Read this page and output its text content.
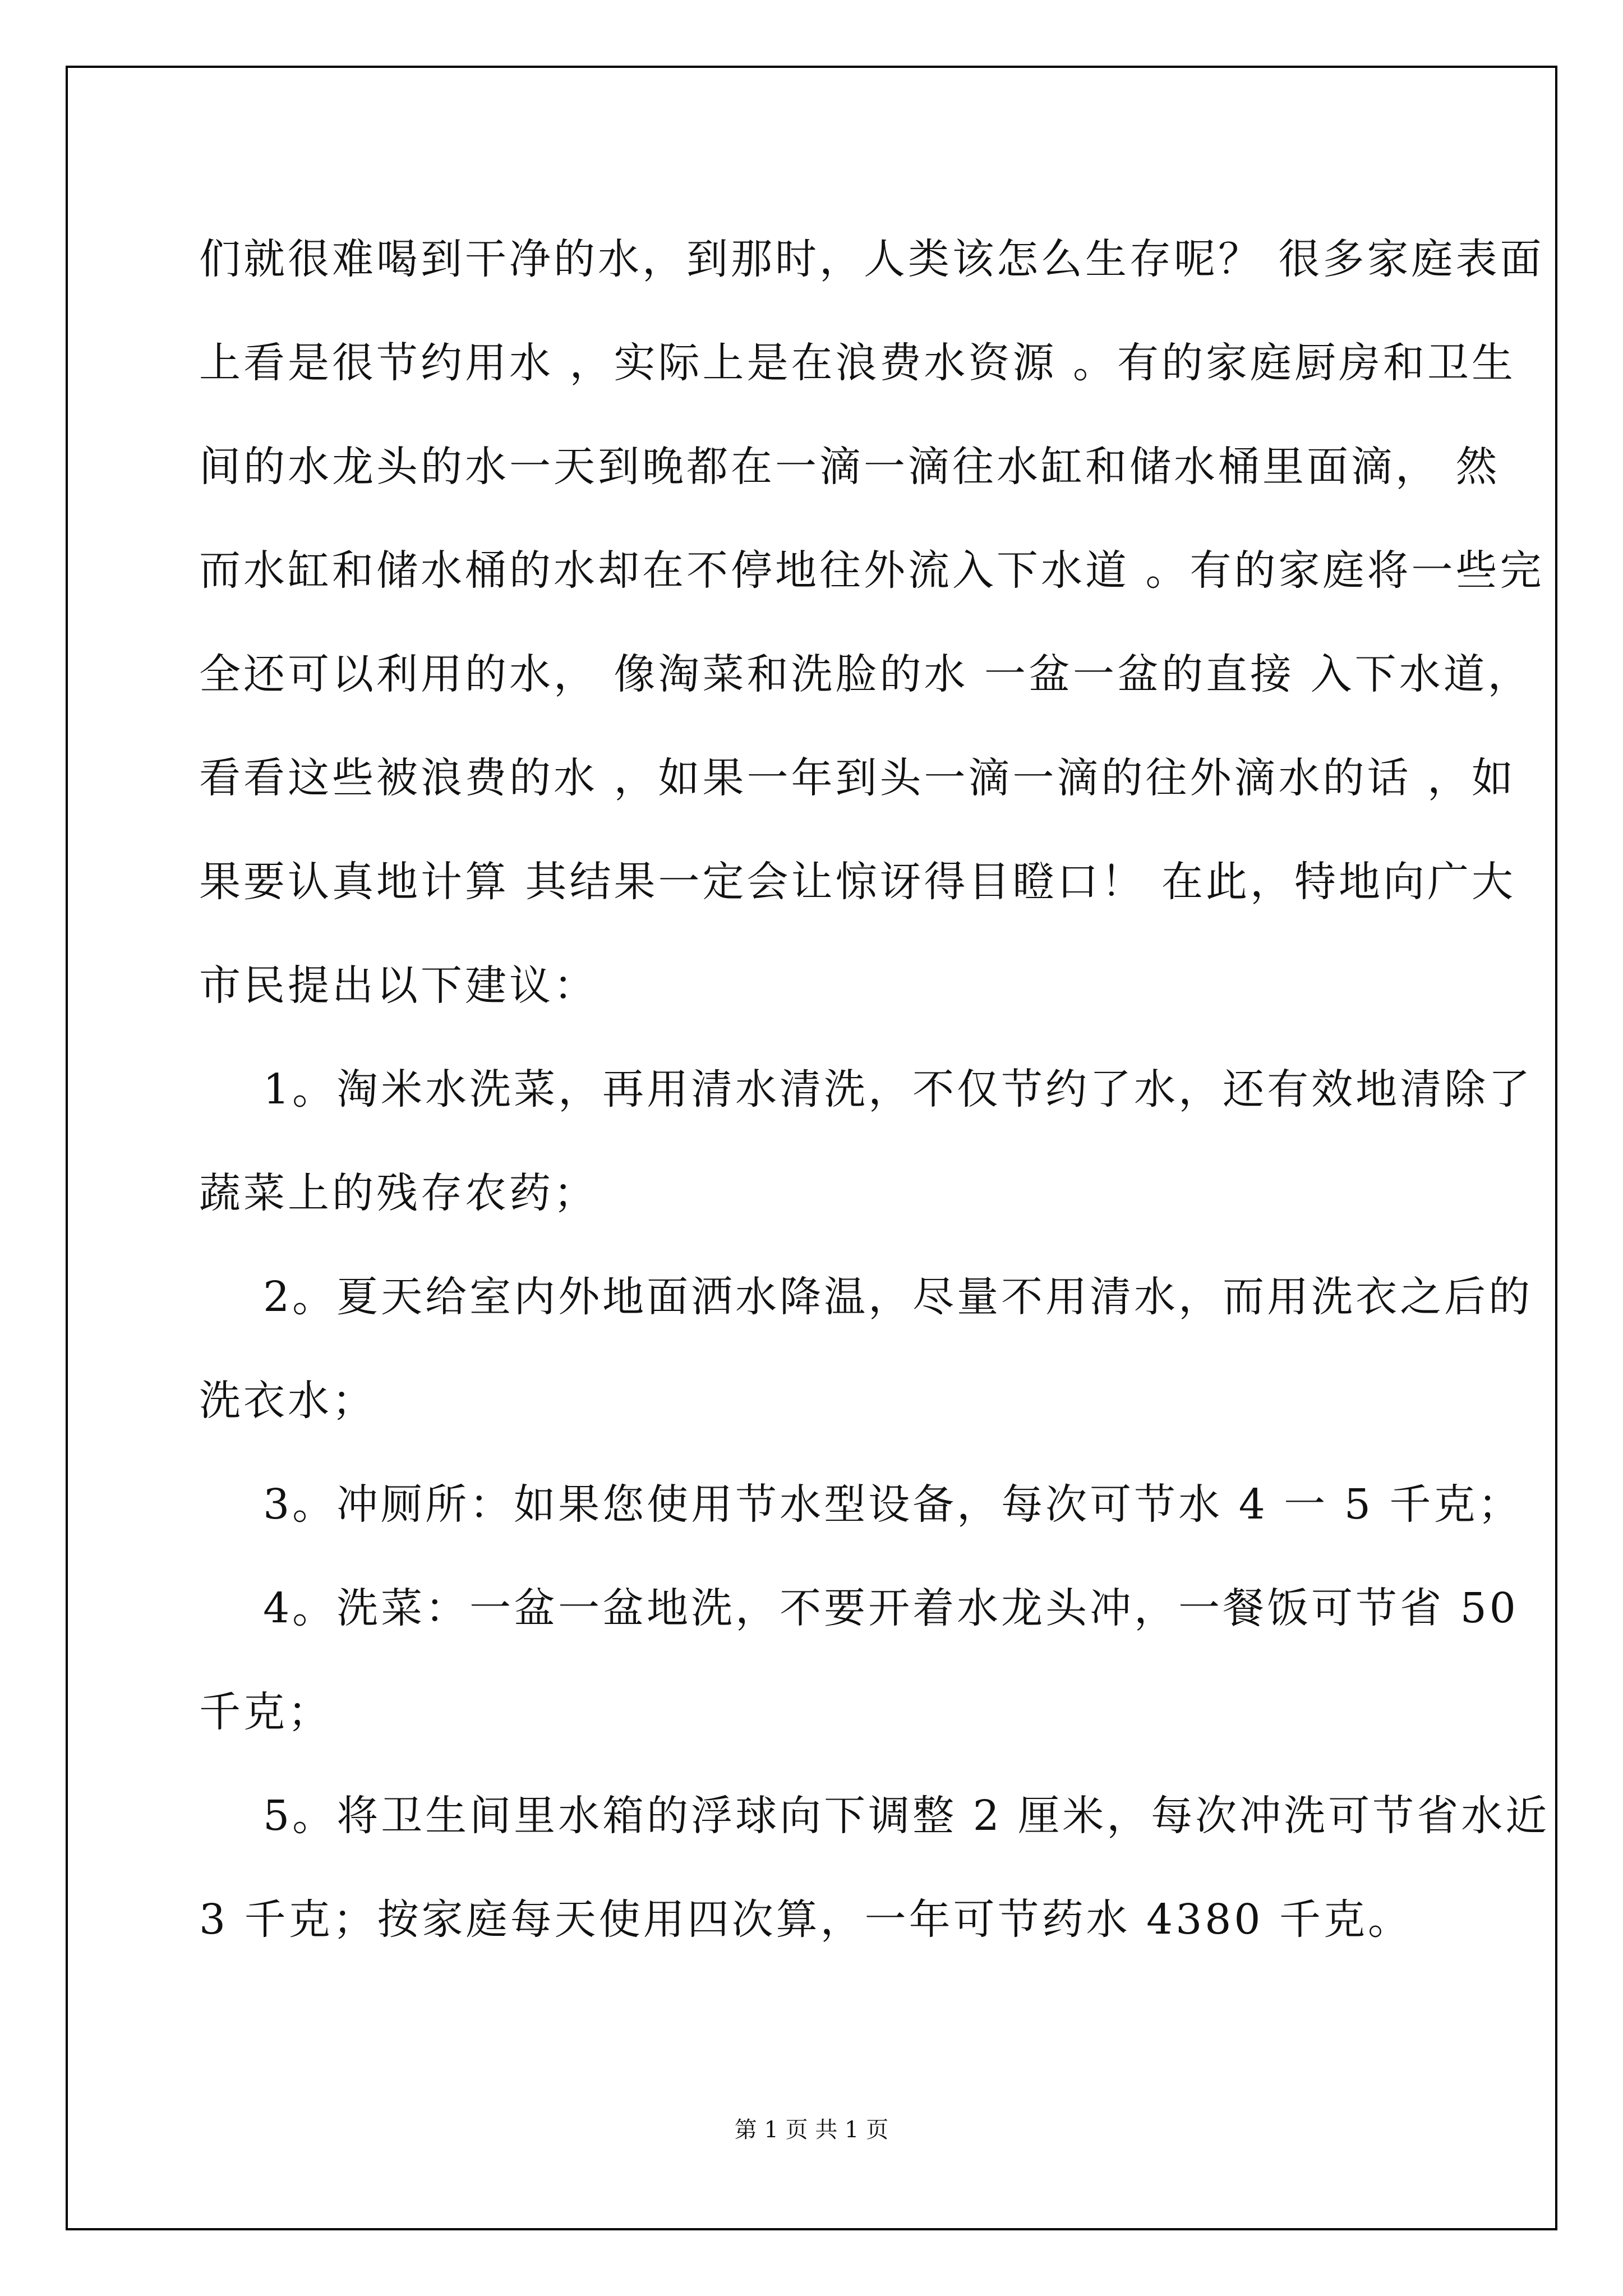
们就很难喝到干净的水，到那时，人类该怎么生存呢？ 很多家庭表面
上看是很节约用水 ，实际上是在浪费水资源 。有的家庭厨房和卫生
间的水龙头的水一天到晚都在一滴一滴往水缸和储水桶里面滴， 然
而水缸和储水桶的水却在不停地往外流入下水道 。有的家庭将一些完
全还可以利用的水， 像淘菜和洗脸的水 一盆一盆的直接 入下水道，
看看这些被浪费的水 ，如果一年到头一滴一滴的往外滴水的话 ，如
果要认真地计算 其结果一定会让惊讶得目瞪口！ 在此，特地向广大
市民提出以下建议：
1。淘米水洗菜，再用清水清洗，不仅节约了水，还有效地清除了
蔬菜上的残存农药；
2。夏天给室内外地面洒水降温，尽量不用清水，而用洗衣之后的
洗衣水；
3。冲厕所：如果您使用节水型设备，每次可节水 4 一 5 千克；
4。洗菜：一盆一盆地洗，不要开着水龙头冲，一餐饭可节省 50
千克；
5。将卫生间里水箱的浮球向下调整 2 厘米，每次冲洗可节省水近
3 千克；按家庭每天使用四次算，一年可节药水 4380 千克。
第 1 页 共 1 页
